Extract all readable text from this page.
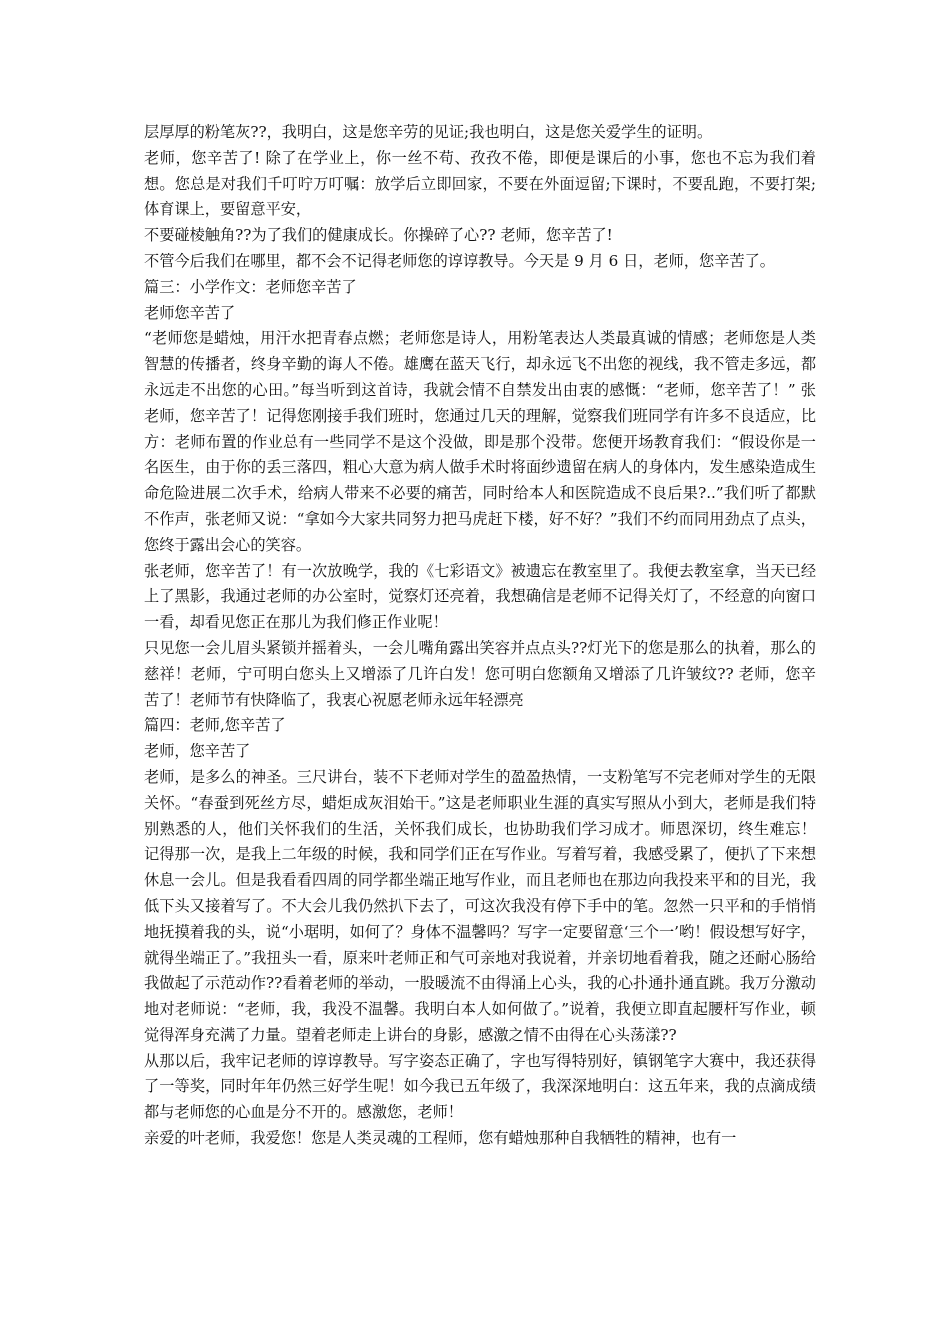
层厚厚的粉笔灰??，我明白，这是您辛劳的见证;我也明白，这是您关爱学生的证明。

老师，您辛苦了! 除了在学业上，你一丝不苟、孜孜不倦，即便是课后的小事，您也不忘为我们着想。您总是对我们千叮咛万叮嘱：放学后立即回家，不要在外面逗留;下课时，不要乱跑，不要打架;体育课上，要留意平安，

不要碰棱触角??为了我们的健康成长。你操碎了心?? 老师，您辛苦了!

不管今后我们在哪里，都不会不记得老师您的谆谆教导。今天是 9 月 6 日，老师，您辛苦了。

篇三：小学作文：老师您辛苦了

老师您辛苦了

“老师您是蜡烛，用汗水把青春点燃；老师您是诗人，用粉笔表达人类最真诚的情感；老师您是人类智慧的传播者，终身辛勤的诲人不倦。雄鹰在蓝天飞行，却永远飞不出您的视线，我不管走多远，都永远走不出您的心田。”每当听到这首诗，我就会情不自禁发出由衷的感慨：“老师，您辛苦了！” 张老师，您辛苦了！记得您刚接手我们班时，您通过几天的理解，觉察我们班同学有许多不良适应，比方：老师布置的作业总有一些同学不是这个没做，即是那个没带。您便开场教育我们：“假设你是一名医生，由于你的丢三落四，粗心大意为病人做手术时将面纱遗留在病人的身体内，发生感染造成生命危险进展二次手术，给病人带来不必要的痛苦，同时给本人和医院造成不良后果?..”我们听了都默不作声，张老师又说：“拿如今大家共同努力把马虎赶下楼，好不好？”我们不约而同用劲点了点头，您终于露出会心的笑容。

张老师，您辛苦了！有一次放晚学，我的《七彩语文》被遗忘在教室里了。我便去教室拿，当天已经上了黑影，我通过老师的办公室时，觉察灯还亮着，我想确信是老师不记得关灯了，不经意的向窗口一看，却看见您正在那儿为我们修正作业呢！

只见您一会儿眉头紧锁并摇着头，一会儿嘴角露出笑容并点点头??灯光下的您是那么的执着，那么的慈祥！老师，宁可明白您头上又增添了几许白发！您可明白您额角又增添了几许皱纹?? 老师，您辛苦了！老师节有快降临了，我衷心祝愿老师永远年轻漂亮

篇四：老师,您辛苦了

老师，您辛苦了

老师，是多么的神圣。三尺讲台，装不下老师对学生的盈盈热情，一支粉笔写不完老师对学生的无限关怀。“春蚕到死丝方尽，蜡炬成灰泪始干。”这是老师职业生涯的真实写照从小到大，老师是我们特别熟悉的人，他们关怀我们的生活，关怀我们成长，也协助我们学习成才。师恩深切，终生难忘！ 记得那一次，是我上二年级的时候，我和同学们正在写作业。写着写着，我感受累了，便扒了下来想休息一会儿。但是我看看四周的同学都坐端正地写作业，而且老师也在那边向我投来平和的目光，我低下头又接着写了。不大会儿我仍然扒下去了，可这次我没有停下手中的笔。忽然一只平和的手悄悄地抚摸着我的头，说“小琚明，如何了？身体不温馨吗？写字一定要留意‘三个一’哟！假设想写好字，就得坐端正了。”我扭头一看，原来叶老师正和气可亲地对我说着，并亲切地看着我，随之还耐心肠给我做起了示范动作??看着老师的举动，一股暖流不由得涌上心头，我的心扑通扑通直跳。我万分激动地对老师说：“老师，我，我没不温馨。我明白本人如何做了。”说着，我便立即直起腰杆写作业，顿觉得浑身充满了力量。望着老师走上讲台的身影，感激之情不由得在心头荡漾??

从那以后，我牢记老师的谆谆教导。写字姿态正确了，字也写得特别好，镇钢笔字大赛中，我还获得了一等奖，同时年年仍然三好学生呢！如今我已五年级了，我深深地明白：这五年来，我的点滴成绩都与老师您的心血是分不开的。感激您，老师！

亲爱的叶老师，我爱您！您是人类灵魂的工程师，您有蜡烛那种自我牺牲的精神，也有一
